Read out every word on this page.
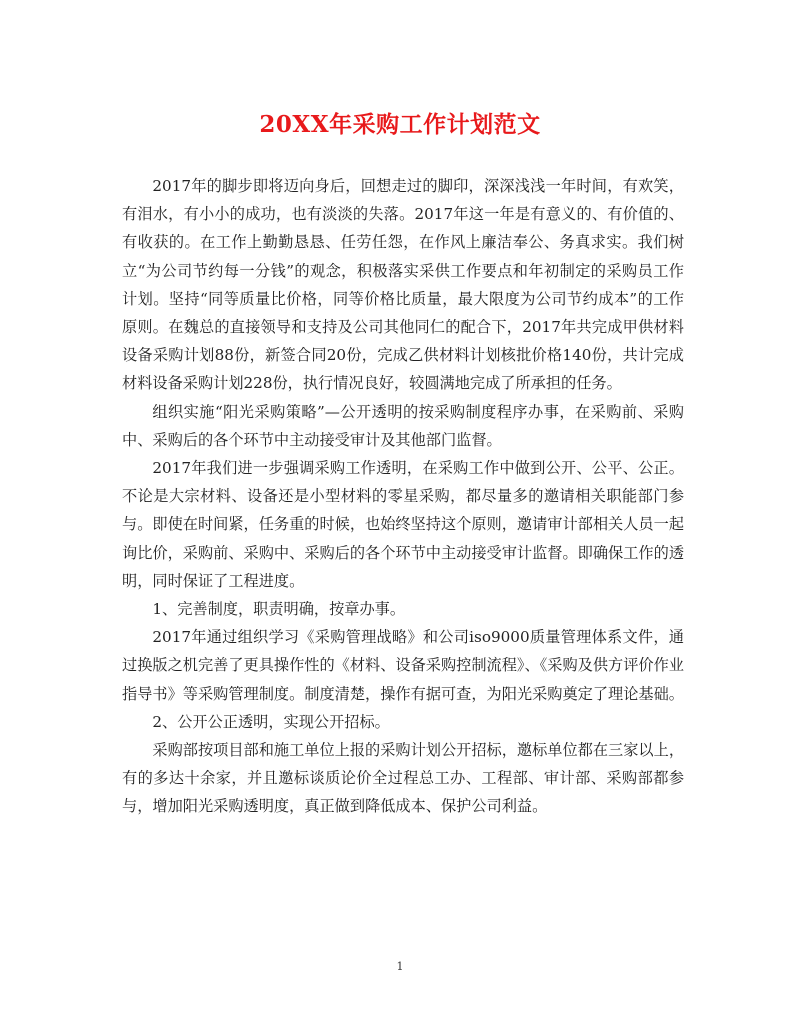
20XX年采购工作计划范文

2017年的脚步即将迈向身后，回想走过的脚印，深深浅浅一年时间，有欢笑，有泪水，有小小的成功，也有淡淡的失落。2017年这一年是有意义的、有价值的、有收获的。在工作上勤勤恳恳、任劳任怨，在作风上廉洁奉公、务真求实。我们树立“为公司节约每一分钱”的观念，积极落实采供工作要点和年初制定的采购员工作计划。坚持“同等质量比价格，同等价格比质量，最大限度为公司节约成本”的工作原则。在魏总的直接领导和支持及公司其他同仁的配合下，2017年共完成甲供材料设备采购计划88份，新签合同20份，完成乙供材料计划核批价格140份，共计完成材料设备采购计划228份，执行情况良好，较圆满地完成了所承担的任务。

组织实施“阳光采购策略”—公开透明的按采购制度程序办事，在采购前、采购中、采购后的各个环节中主动接受审计及其他部门监督。

2017年我们进一步强调采购工作透明，在采购工作中做到公开、公平、公正。不论是大宗材料、设备还是小型材料的零星采购，都尽量多的邀请相关职能部门参与。即使在时间紧，任务重的时候，也始终坚持这个原则，邀请审计部相关人员一起询比价，采购前、采购中、采购后的各个环节中主动接受审计监督。即确保工作的透明，同时保证了工程进度。

1、完善制度，职责明确，按章办事。

2017年通过组织学习《采购管理战略》和公司iso9000质量管理体系文件，通过换版之机完善了更具操作性的《材料、设备采购控制流程》、《采购及供方评价作业指导书》等采购管理制度。制度清楚，操作有据可查，为阳光采购奠定了理论基础。

2、公开公正透明，实现公开招标。

采购部按项目部和施工单位上报的采购计划公开招标，邀标单位都在三家以上，有的多达十余家，并且邀标谈质论价全过程总工办、工程部、审计部、采购部都参与，增加阳光采购透明度，真正做到降低成本、保护公司利益。

1
